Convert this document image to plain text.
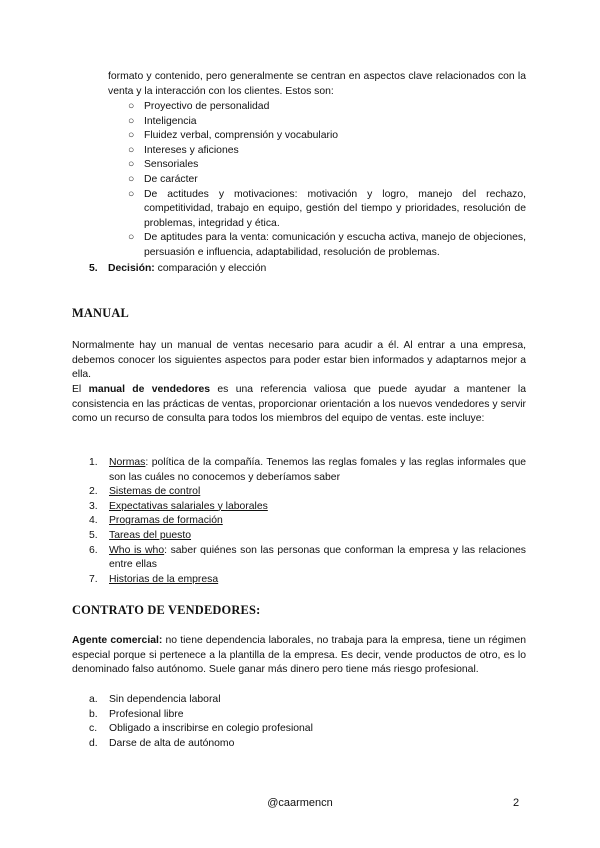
formato y contenido, pero generalmente se centran en aspectos clave relacionados con la venta y la interacción con los clientes. Estos son:

○ Proyectivo de personalidad
○ Inteligencia
○ Fluidez verbal, comprensión y vocabulario
○ Intereses y aficiones
○ Sensoriales
○ De carácter
○ De actitudes y motivaciones: motivación y logro, manejo del rechazo, competitividad, trabajo en equipo, gestión del tiempo y prioridades, resolución de problemas, integridad y ética.
○ De aptitudes para la venta: comunicación y escucha activa, manejo de objeciones, persuasión e influencia, adaptabilidad, resolución de problemas.
5. Decisión: comparación y elección
MANUAL

Normalmente hay un manual de ventas necesario para acudir a él. Al entrar a una empresa, debemos conocer los siguientes aspectos para poder estar bien informados y adaptarnos mejor a ella.

El manual de vendedores es una referencia valiosa que puede ayudar a mantener la consistencia en las prácticas de ventas, proporcionar orientación a los nuevos vendedores y servir como un recurso de consulta para todos los miembros del equipo de ventas. este incluye:

1. Normas: política de la compañía. Tenemos las reglas fomales y las reglas informales que son las cuáles no conocemos y deberíamos saber
2. Sistemas de control
3. Expectativas salariales y laborales
4. Programas de formación
5. Tareas del puesto
6. Who is who: saber quiénes son las personas que conforman la empresa y las relaciones entre ellas
7. Historias de la empresa
CONTRATO DE VENDEDORES:

Agente comercial: no tiene dependencia laborales, no trabaja para la empresa, tiene un régimen especial porque si pertenece a la plantilla de la empresa. Es decir, vende productos de otro, es lo denominado falso autónomo. Suele ganar más dinero pero tiene más riesgo profesional.

a. Sin dependencia laboral
b. Profesional libre
c. Obligado a inscribirse en colegio profesional
d. Darse de alta de autónomo
@caarmencn	2
